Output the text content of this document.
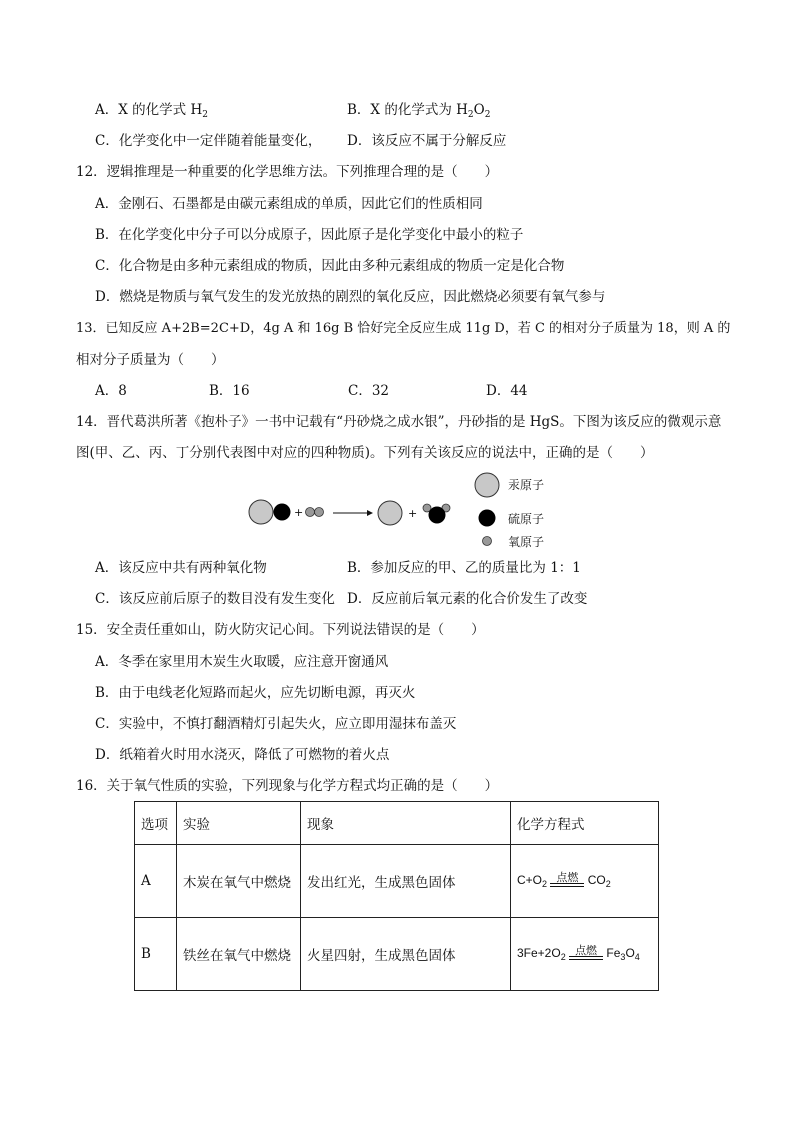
A．X 的化学式 $H_2$	B．X 的化学式为 $H_2O_2$
C．化学变化中一定伴随着能量变化， D．该反应不属于分解反应
12．逻辑推理是一种重要的化学思维方法。下列推理合理的是（　　）
A．金刚石、石墨都是由碳元素组成的单质，因此它们的性质相同
B．在化学变化中分子可以分成原子，因此原子是化学变化中最小的粒子
C．化合物是由多种元素组成的物质，因此由多种元素组成的物质一定是化合物
D．燃烧是物质与氧气发生的发光放热的剧烈的氧化反应，因此燃烧必须要有氧气参与
13．已知反应 A+2B=2C+D，4g A 和 16g B 恰好完全反应生成 11g D，若 C 的相对分子质量为 18，则 A 的
相对分子质量为（　　）
A．8	B．16	C．32	D．44
14．晋代葛洪所著《抱朴子》一书中记载有“丹砂烧之成水银”，丹砂指的是 HgS。下图为该反应的微观示意
图(甲、乙、丙、丁分别代表图中对应的四种物质)。下列有关该反应的说法中，正确的是（　　）
+	+
汞原子
硫原子
氧原子
A．该反应中共有两种氧化物	B．参加反应的甲、乙的质量比为 1：1
C．该反应前后原子的数目没有发生变化 D．反应前后氧元素的化合价发生了改变
15．安全责任重如山，防火防灾记心间。下列说法错误的是（　　）
A．冬季在家里用木炭生火取暖，应注意开窗通风
B．由于电线老化短路而起火，应先切断电源，再灭火
C．实验中，不慎打翻酒精灯引起失火，应立即用湿抹布盖灭
D．纸箱着火时用水浇灭，降低了可燃物的着火点
16．关于氧气性质的实验，下列现象与化学方程式均正确的是（　　）
选项	实验	现象	化学方程式
A	木炭在氧气中燃烧	发出红光，生成黑色固体	$C+O_2$ 点燃 $CO_2$
B	铁丝在氧气中燃烧	火星四射，生成黑色固体	$3Fe+2O_2$ 点燃 $Fe_3O_4$
